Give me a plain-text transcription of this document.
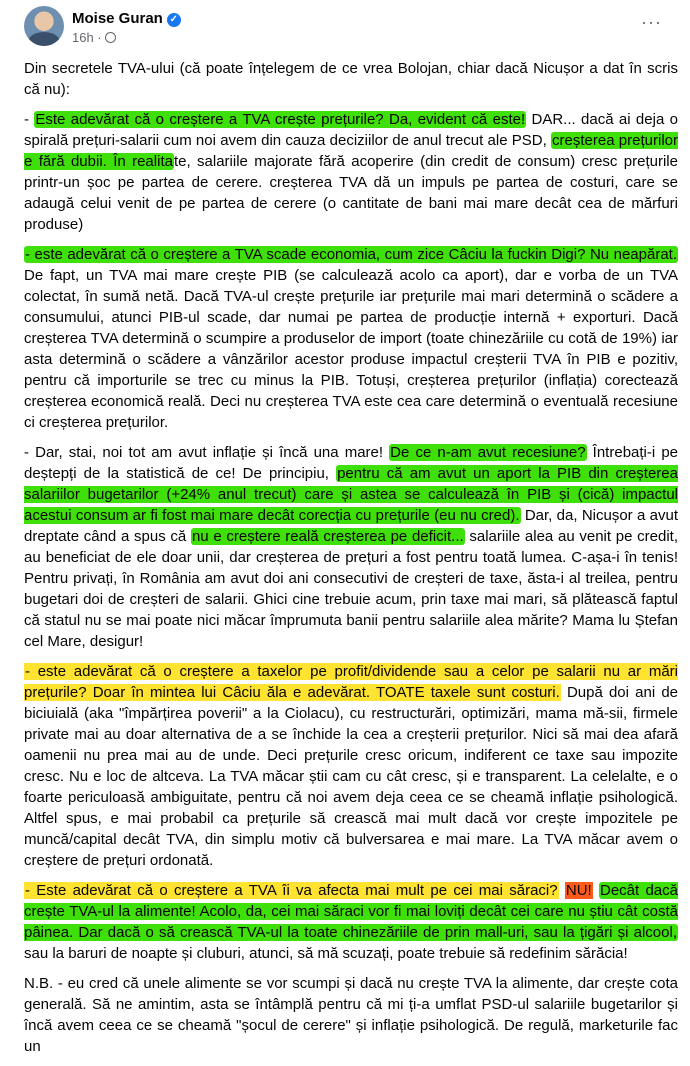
Moise Guran ✓
16h ·
···

Din secretele TVA-ului (că poate înțelegem de ce vrea Bolojan, chiar dacă Nicușor a dat în scris că nu):

- Este adevărat că o creștere a TVA crește prețurile? Da, evident că este! DAR... dacă ai deja o spirală prețuri-salarii cum noi avem din cauza deciziilor de anul trecut ale PSD, creșterea prețurilor e fără dubii. În realitate, salariile majorate fără acoperire (din credit de consum) cresc prețurile printr-un șoc pe partea de cerere. creșterea TVA dă un impuls pe partea de costuri, care se adaugă celui venit de pe partea de cerere (o cantitate de bani mai mare decât cea de mărfuri produse)

- este adevărat că o creștere a TVA scade economia, cum zice Câciu la fuckin Digi? Nu neapărat. De fapt, un TVA mai mare crește PIB (se calculează acolo ca aport), dar e vorba de un TVA colectat, în sumă netă. Dacă TVA-ul crește prețurile iar prețurile mai mari determină o scădere a consumului, atunci PIB-ul scade, dar numai pe partea de producție internă + exporturi. Dacă creșterea TVA determină o scumpire a produselor de import (toate chinezăriile cu cotă de 19%) iar asta determină o scădere a vânzărilor acestor produse impactul creșterii TVA în PIB e pozitiv, pentru că importurile se trec cu minus la PIB. Totuși, creșterea prețurilor (inflația) corectează creșterea economică reală. Deci nu creșterea TVA este cea care determină o eventuală recesiune ci creșterea prețurilor.

- Dar, stai, noi tot am avut inflație și încă una mare! De ce n-am avut recesiune? Întrebați-i pe deștepți de la statistică de ce! De principiu, pentru că am avut un aport la PIB din creșterea salariilor bugetarilor (+24% anul trecut) care și astea se calculează în PIB și (cică) impactul acestui consum ar fi fost mai mare decât corecția cu prețurile (eu nu cred). Dar, da, Nicușor a avut dreptate când a spus că nu e creștere reală creșterea pe deficit... salariile alea au venit pe credit, au beneficiat de ele doar unii, dar creșterea de prețuri a fost pentru toată lumea. C-așa-i în tenis! Pentru privați, în România am avut doi ani consecutivi de creșteri de taxe, ăsta-i al treilea, pentru bugetari doi de creșteri de salarii. Ghici cine trebuie acum, prin taxe mai mari, să plătească faptul că statul nu se mai poate nici măcar împrumuta banii pentru salariile alea mărite? Mama lu Ștefan cel Mare, desigur!

- este adevărat că o creștere a taxelor pe profit/dividende sau a celor pe salarii nu ar mări prețurile? Doar în mintea lui Câciu ăla e adevărat. TOATE taxele sunt costuri. După doi ani de biciuială (aka "împărțirea poverii" a la Ciolacu), cu restructurări, optimizări, mama mă-sii, firmele private mai au doar alternativa de a se închide la cea a creșterii prețurilor. Nici să mai dea afară oamenii nu prea mai au de unde. Deci prețurile cresc oricum, indiferent ce taxe sau impozite cresc. Nu e loc de altceva. La TVA măcar știi cam cu cât cresc, și e transparent. La celelalte, e o foarte periculoasă ambiguitate, pentru că noi avem deja ceea ce se cheamă inflație psihologică. Altfel spus, e mai probabil ca prețurile să crească mai mult dacă vor crește impozitele pe muncă/capital decât TVA, din simplu motiv că bulversarea e mai mare. La TVA măcar avem o creștere de prețuri ordonată.

- Este adevărat că o creștere a TVA îi va afecta mai mult pe cei mai săraci? NU! Decât dacă crește TVA-ul la alimente! Acolo, da, cei mai săraci vor fi mai loviți decât cei care nu știu cât costă pâinea. Dar dacă o să crească TVA-ul la toate chinezăriile de prin mall-uri, sau la țigări și alcool, sau la baruri de noapte și cluburi, atunci, să mă scuzați, poate trebuie să redefinim sărăcia!

N.B. - eu cred că unele alimente se vor scumpi și dacă nu crește TVA la alimente, dar crește cota generală. Să ne amintim, asta se întâmplă pentru că mi ți-a umflat PSD-ul salariile bugetarilor și încă avem ceea ce se cheamă "șocul de cerere" și inflație psihologică. De regulă, marketurile fac un
